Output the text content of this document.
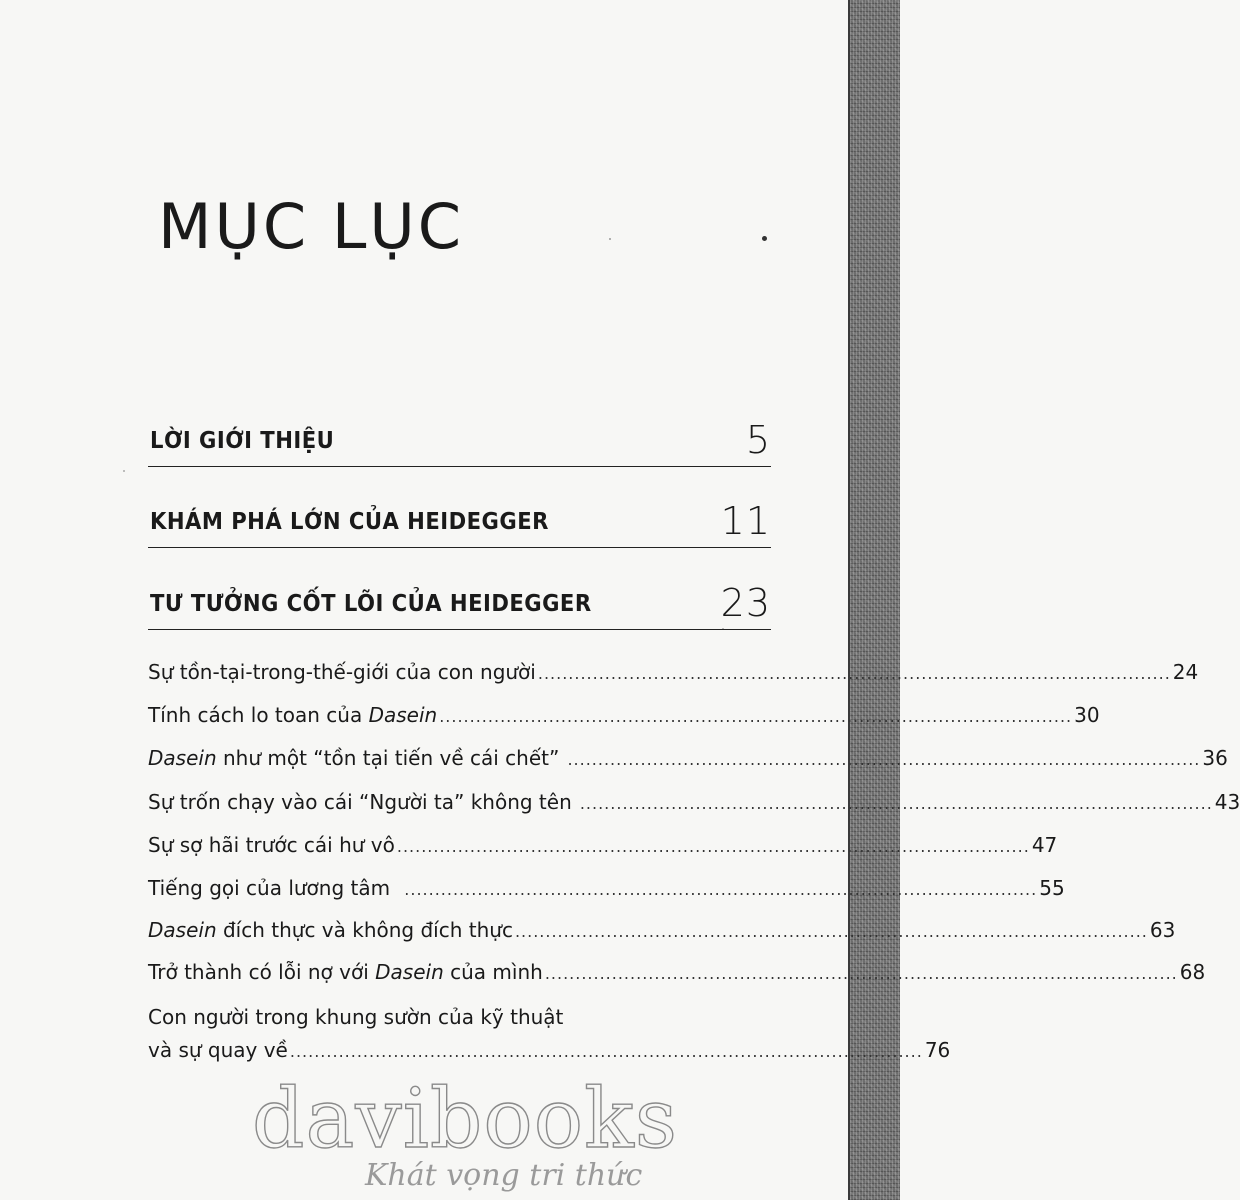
MỤC LỤC
LỜI GIỚI THIỆU	5
KHÁM PHÁ LỚN CỦA HEIDEGGER	11
TƯ TƯỞNG CỐT LÕI CỦA HEIDEGGER	23
Sự tồn-tại-trong-thế-giới của con người ........................................................................................................ 24
Tính cách lo toan của Dasein ........................................................................................................ 30
Dasein như một “tồn tại tiến về cái chết” ........................................................................................................ 36
Sự trốn chạy vào cái “Người ta” không tên ........................................................................................................ 43
Sự sợ hãi trước cái hư vô ........................................................................................................ 47
Tiếng gọi của lương tâm ........................................................................................................ 55
Dasein đích thực và không đích thực ........................................................................................................ 63
Trở thành có lỗi nợ với Dasein của mình ........................................................................................................ 68
Con người trong khung sườn của kỹ thuật
và sự quay về ........................................................................................................ 76
davibooks
Khát vọng tri thức
